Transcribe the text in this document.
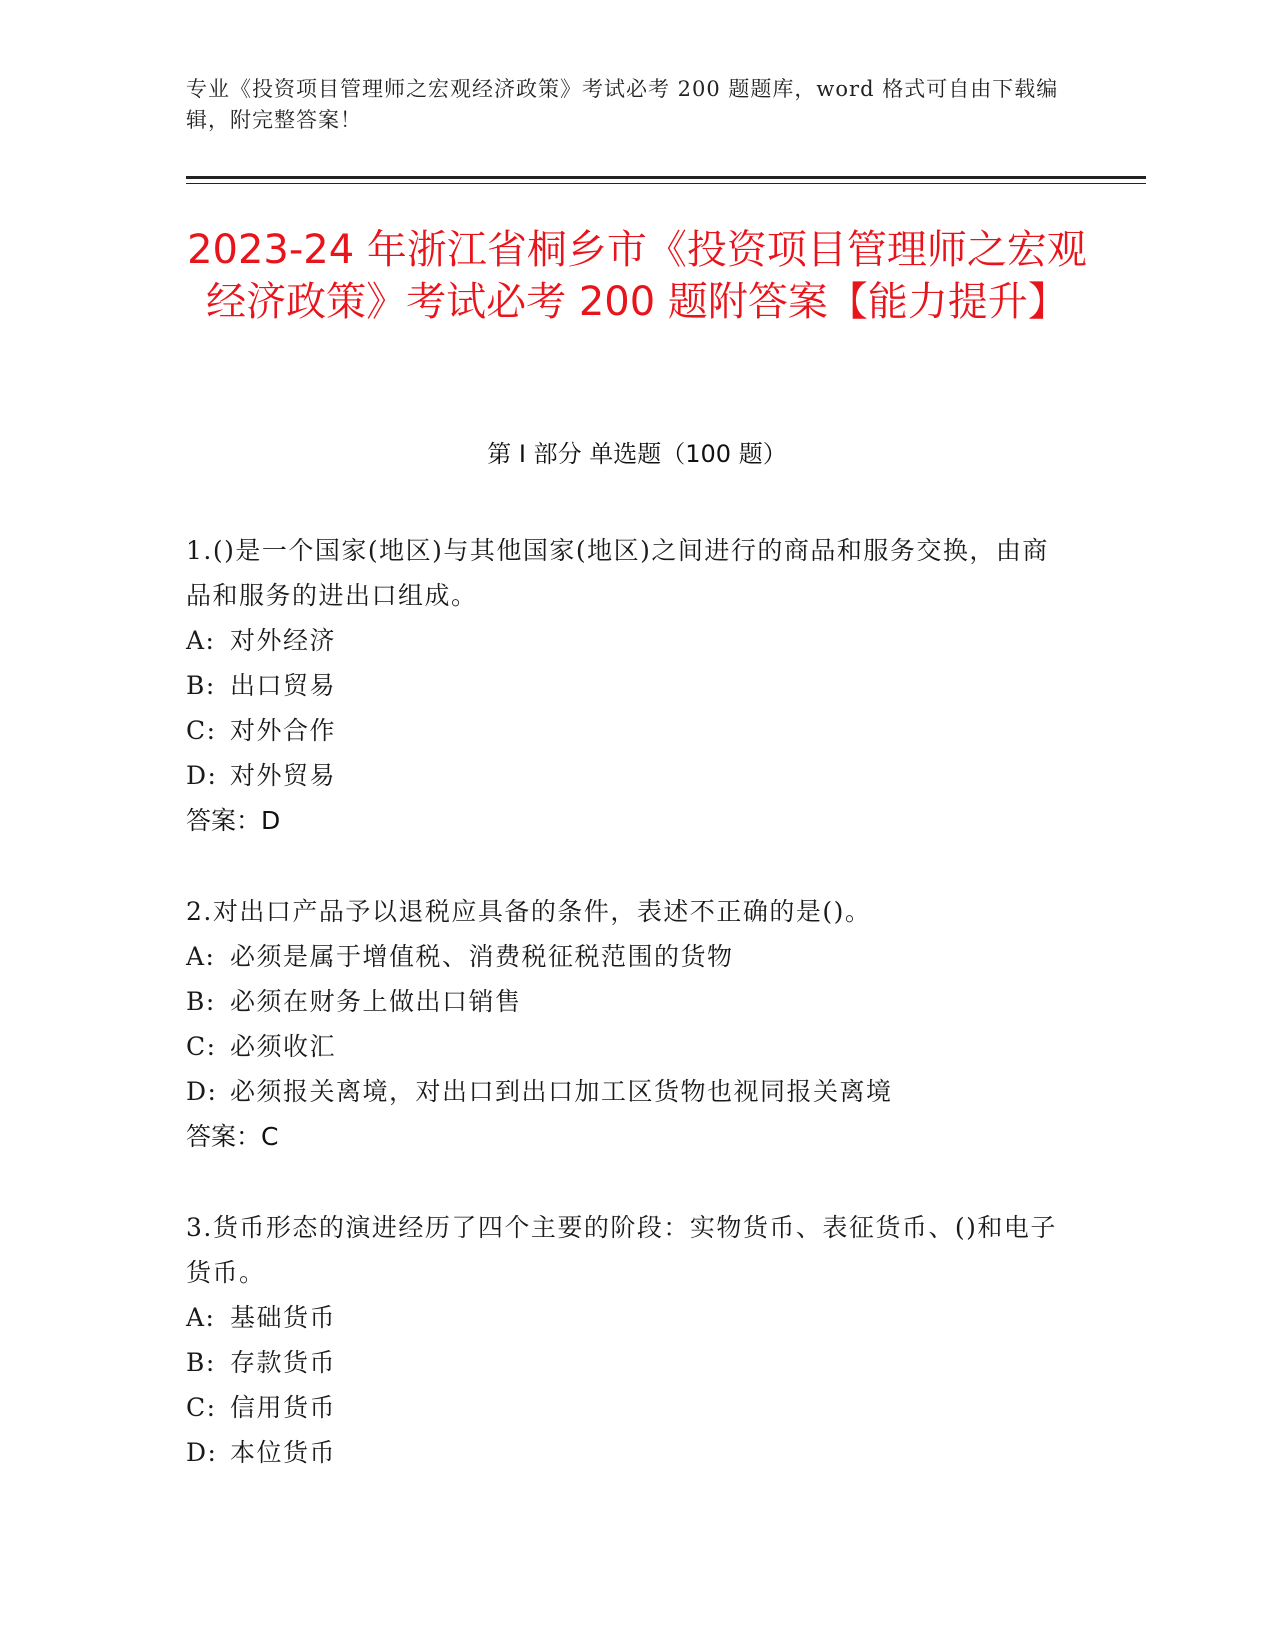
专业《投资项目管理师之宏观经济政策》考试必考 200 题题库，word 格式可自由下载编辑，附完整答案！
2023-24 年浙江省桐乡市《投资项目管理师之宏观经济政策》考试必考 200 题附答案【能力提升】
第 I 部分 单选题（100 题）
1.()是一个国家(地区)与其他国家(地区)之间进行的商品和服务交换，由商品和服务的进出口组成。
A: 对外经济
B: 出口贸易
C: 对外合作
D: 对外贸易
答案：D
2.对出口产品予以退税应具备的条件，表述不正确的是()。
A: 必须是属于增值税、消费税征税范围的货物
B: 必须在财务上做出口销售
C: 必须收汇
D: 必须报关离境，对出口到出口加工区货物也视同报关离境
答案：C
3.货币形态的演进经历了四个主要的阶段：实物货币、表征货币、()和电子货币。
A: 基础货币
B: 存款货币
C: 信用货币
D: 本位货币
